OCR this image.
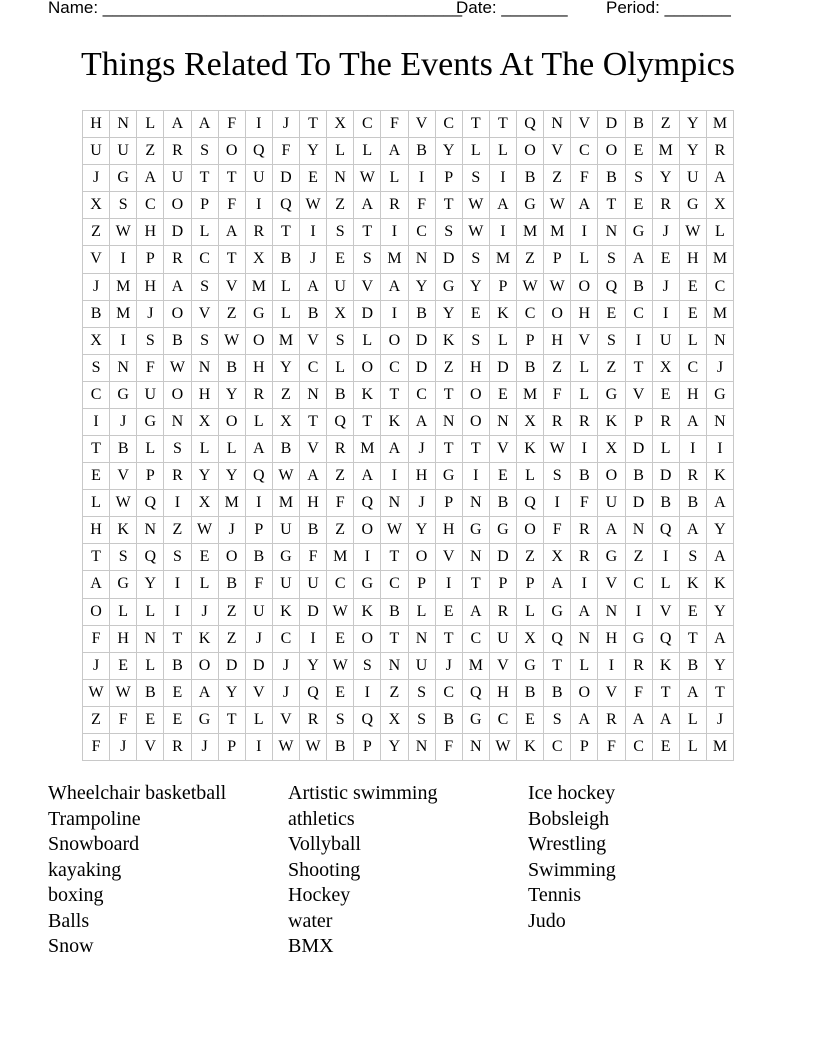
Name: ______________________________________
Date: _______ Period: _______
Things Related To The Events At The Olympics
H N	L	A A	F	I	J	T	X	C	F	V	C	T	T	Q N V D	B	Z	Y M
U U	Z	R	S	O Q	F	Y	L	L	A	B	Y	L	L	O V	C	O	E M Y	R
J	G A U	T	T	U D	E	N W L	I	P	S	I	B	Z	F	B	S	Y U A
X	S	C	O	P	F	I	Q W Z	A	R	F	T W A G W A	T	E	R	G X
Z W H D	L	A	R	T	I	S	T	I	C	S W	I	M M	I	N G	J	W L
V	I	P	R	C	T	X	B	J	E	S M N D	S M Z	P	L	S	A	E	H M
J	M H A	S	V M L	A U V A Y G Y	P W W O Q	B	J	E	C
B M	J	O V	Z	G	L	B	X D	I	B	Y	E	K	C	O H	E	C	I	E M
X	I	S	B	S W O M V	S	L	O D K	S	L	P	H V	S	I	U	L	N
S	N	F W N	B	H Y	C	L	O	C	D	Z	H D	B	Z	L	Z	T	X	C	J
C	G U O H Y	R	Z	N	B	K	T	C	T	O	E M F	L	G V	E	H G
I	J	G N X O	L	X	T	Q	T	K A N O N X	R	R	K	P	R	A N
T	B	L	S	L	L	A	B	V	R M A	J	T	T	V K W	I	X D	L	I	I
E	V	P	R	Y Y Q W A	Z	A	I	H G	I	E	L	S	B	O	B	D	R	K
L W Q	I	X M	I	M H	F	Q N	J	P	N	B	Q	I	F	U D	B	B	A
H K N	Z W	J	P	U	B	Z	O W Y H G G O	F	R	A N Q A Y
T	S	Q	S	E	O	B	G	F M	I	T	O V N D	Z	X	R	G	Z	I	S	A
A G Y	I	L	B	F	U U	C	G	C	P	I	T	P	P	A	I	V	C	L	K K
O	L	L	I	J	Z	U K D W K	B	L	E	A	R	L	G A N	I	V	E	Y
F	H N	T	K	Z	J	C	I	E	O	T	N	T	C	U X Q N H G Q	T	A
J	E	L	B	O D D	J	Y W S	N U	J	M V G	T	L	I	R	K	B	Y
W W B	E	A Y V	J	Q	E	I	Z	S	C	Q H	B	B	O V	F	T	A	T
Z	F	E	E	G	T	L	V	R	S	Q X	S	B	G	C	E	S	A	R	A A	L	J
F	J	V	R	J	P	I	W W B	P	Y N	F	N W K	C	P	F	C	E	L M
Wheelchair basketball
Trampoline
Snowboard
kayaking
boxing
Balls
Snow
Artistic swimming
athletics
Vollyball
Shooting
Hockey
water
BMX
Ice hockey
Bobsleigh
Wrestling
Swimming
Tennis
Judo
